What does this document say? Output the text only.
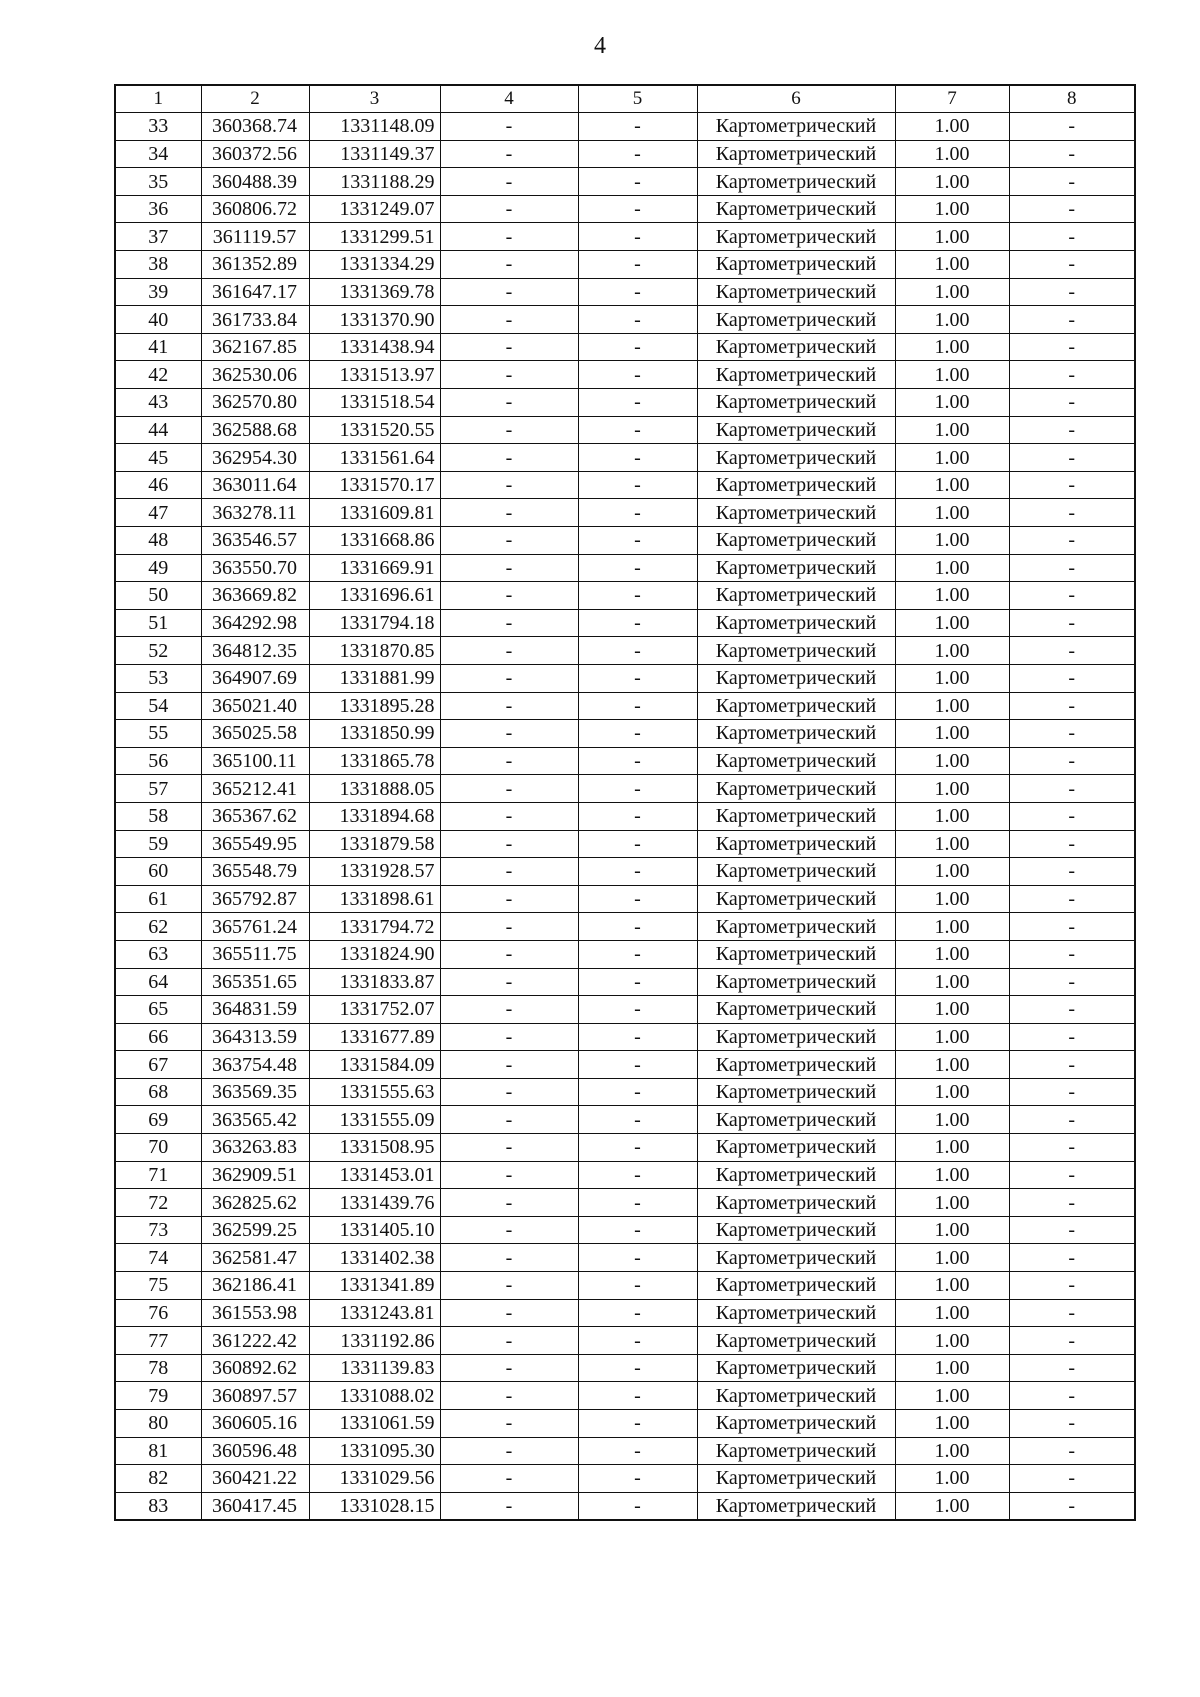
4
1	2	3	4	5	6	7	8
33	360368.74	1331148.09	-	-	Картометрический	1.00	-
34	360372.56	1331149.37	-	-	Картометрический	1.00	-
35	360488.39	1331188.29	-	-	Картометрический	1.00	-
36	360806.72	1331249.07	-	-	Картометрический	1.00	-
37	361119.57	1331299.51	-	-	Картометрический	1.00	-
38	361352.89	1331334.29	-	-	Картометрический	1.00	-
39	361647.17	1331369.78	-	-	Картометрический	1.00	-
40	361733.84	1331370.90	-	-	Картометрический	1.00	-
41	362167.85	1331438.94	-	-	Картометрический	1.00	-
42	362530.06	1331513.97	-	-	Картометрический	1.00	-
43	362570.80	1331518.54	-	-	Картометрический	1.00	-
44	362588.68	1331520.55	-	-	Картометрический	1.00	-
45	362954.30	1331561.64	-	-	Картометрический	1.00	-
46	363011.64	1331570.17	-	-	Картометрический	1.00	-
47	363278.11	1331609.81	-	-	Картометрический	1.00	-
48	363546.57	1331668.86	-	-	Картометрический	1.00	-
49	363550.70	1331669.91	-	-	Картометрический	1.00	-
50	363669.82	1331696.61	-	-	Картометрический	1.00	-
51	364292.98	1331794.18	-	-	Картометрический	1.00	-
52	364812.35	1331870.85	-	-	Картометрический	1.00	-
53	364907.69	1331881.99	-	-	Картометрический	1.00	-
54	365021.40	1331895.28	-	-	Картометрический	1.00	-
55	365025.58	1331850.99	-	-	Картометрический	1.00	-
56	365100.11	1331865.78	-	-	Картометрический	1.00	-
57	365212.41	1331888.05	-	-	Картометрический	1.00	-
58	365367.62	1331894.68	-	-	Картометрический	1.00	-
59	365549.95	1331879.58	-	-	Картометрический	1.00	-
60	365548.79	1331928.57	-	-	Картометрический	1.00	-
61	365792.87	1331898.61	-	-	Картометрический	1.00	-
62	365761.24	1331794.72	-	-	Картометрический	1.00	-
63	365511.75	1331824.90	-	-	Картометрический	1.00	-
64	365351.65	1331833.87	-	-	Картометрический	1.00	-
65	364831.59	1331752.07	-	-	Картометрический	1.00	-
66	364313.59	1331677.89	-	-	Картометрический	1.00	-
67	363754.48	1331584.09	-	-	Картометрический	1.00	-
68	363569.35	1331555.63	-	-	Картометрический	1.00	-
69	363565.42	1331555.09	-	-	Картометрический	1.00	-
70	363263.83	1331508.95	-	-	Картометрический	1.00	-
71	362909.51	1331453.01	-	-	Картометрический	1.00	-
72	362825.62	1331439.76	-	-	Картометрический	1.00	-
73	362599.25	1331405.10	-	-	Картометрический	1.00	-
74	362581.47	1331402.38	-	-	Картометрический	1.00	-
75	362186.41	1331341.89	-	-	Картометрический	1.00	-
76	361553.98	1331243.81	-	-	Картометрический	1.00	-
77	361222.42	1331192.86	-	-	Картометрический	1.00	-
78	360892.62	1331139.83	-	-	Картометрический	1.00	-
79	360897.57	1331088.02	-	-	Картометрический	1.00	-
80	360605.16	1331061.59	-	-	Картометрический	1.00	-
81	360596.48	1331095.30	-	-	Картометрический	1.00	-
82	360421.22	1331029.56	-	-	Картометрический	1.00	-
83	360417.45	1331028.15	-	-	Картометрический	1.00	-
